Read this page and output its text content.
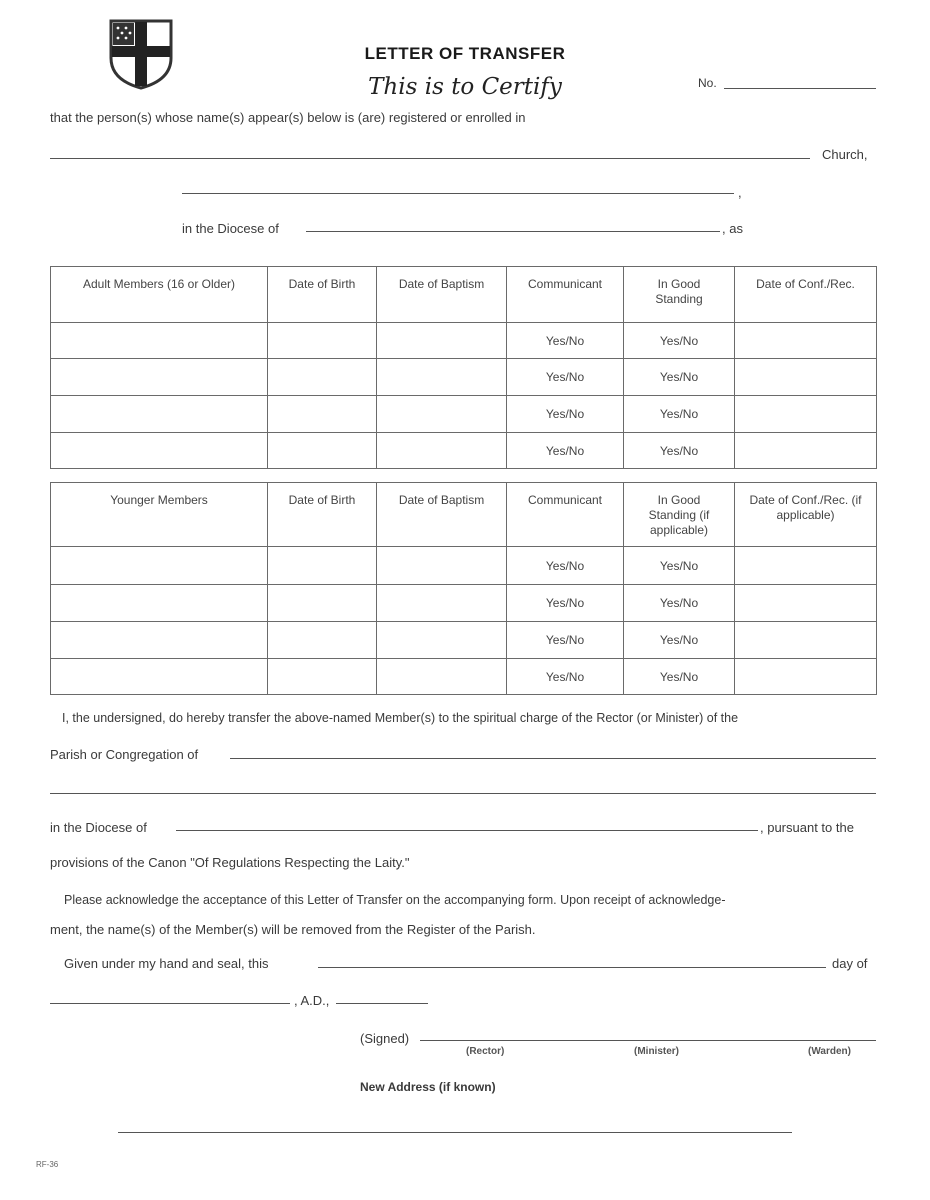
LETTER OF TRANSFER
This is to Certify	No.
that the person(s) whose name(s) appear(s) below is (are) registered or enrolled in
Church,
,
in the Diocese of	, as
Adult Members (16 or Older)	Date of Birth	Date of Baptism	Communicant	In Good Standing	Date of Conf./Rec.
			Yes/No	Yes/No	
			Yes/No	Yes/No	
			Yes/No	Yes/No	
			Yes/No	Yes/No	
Younger Members	Date of Birth	Date of Baptism	Communicant	In Good Standing (if applicable)	Date of Conf./Rec. (if applicable)
			Yes/No	Yes/No	
			Yes/No	Yes/No	
			Yes/No	Yes/No	
			Yes/No	Yes/No	
I, the undersigned, do hereby transfer the above-named Member(s) to the spiritual charge of the Rector (or Minister) of the
Parish or Congregation of
in the Diocese of	, pursuant to the
provisions of the Canon "Of Regulations Respecting the Laity."
Please acknowledge the acceptance of this Letter of Transfer on the accompanying form. Upon receipt of acknowledge-
ment, the name(s) of the Member(s) will be removed from the Register of the Parish.
Given under my hand and seal, this	day of
, A.D.,
(Signed)
(Rector)	(Minister)	(Warden)
New Address (if known)
RF-36
